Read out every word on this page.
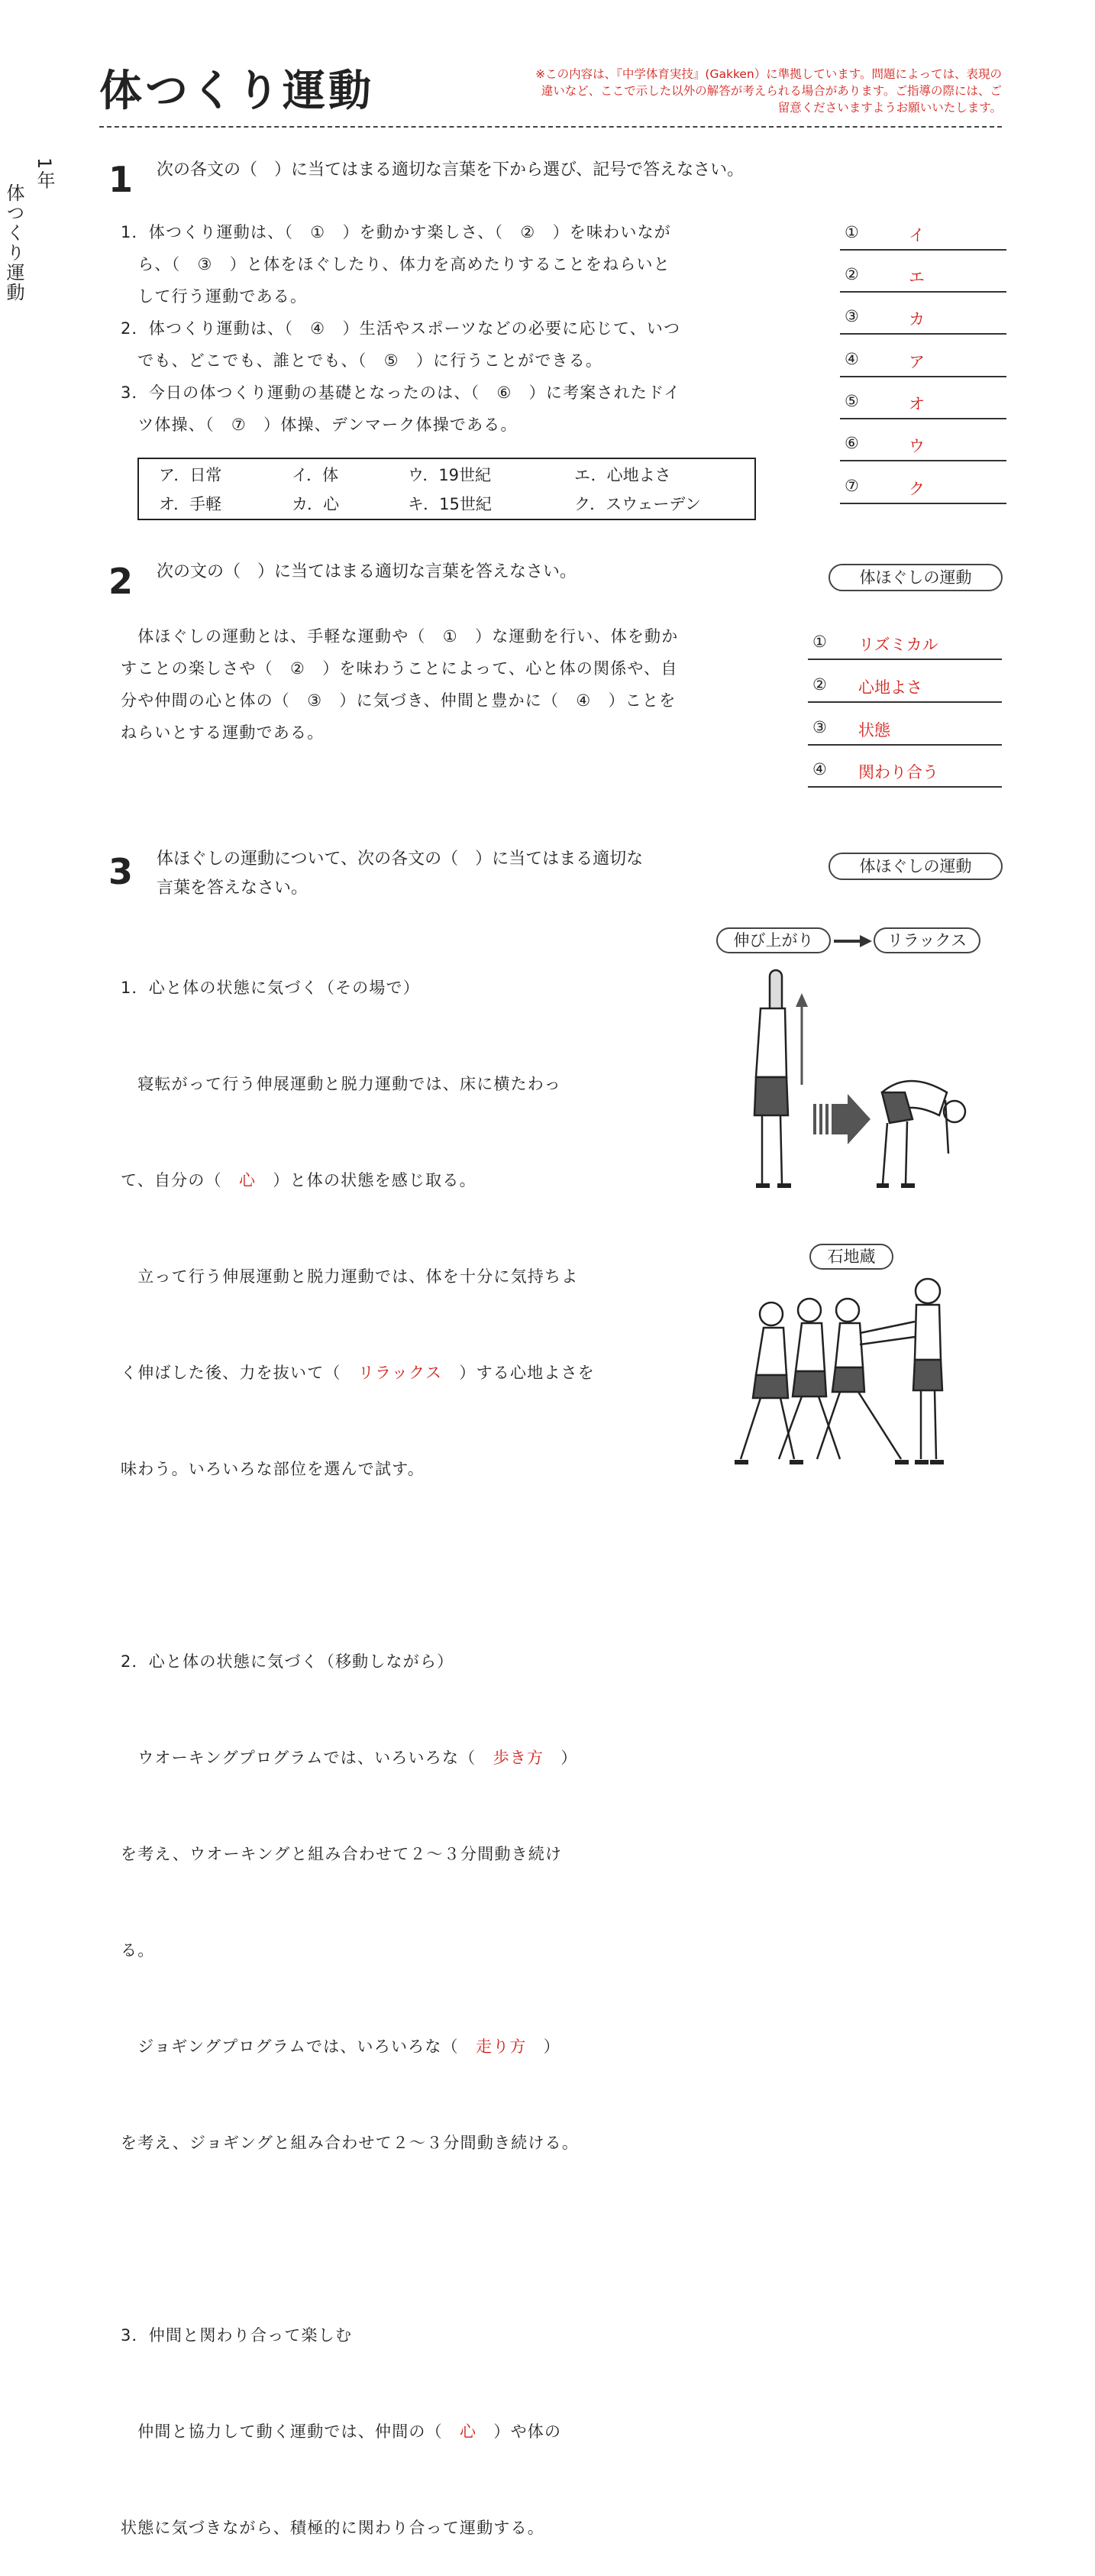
体つくり運動	※この内容は、『中学体育実技』(Gakken）に準拠しています。問題によっては、表現の違いなど、ここで示した以外の解答が考えられる場合があります。ご指導の際には、ご留意くださいますようお願いいたします。
1年
体つくり運動
1 次の各文の（　）に当てはまる適切な言葉を下から選び、記号で答えなさい。
1．体つくり運動は、（　①　）を動かす楽しさ、（　②　）を味わいなが
　ら、（　③　）と体をほぐしたり、体力を高めたりすることをねらいと
　して行う運動である。
2．体つくり運動は、（　④　）生活やスポーツなどの必要に応じて、いつ
　でも、どこでも、誰とでも、（　⑤　）に行うことができる。
3．今日の体つくり運動の基礎となったのは、（　⑥　）に考案されたドイ
　ツ体操、（　⑦　）体操、デンマーク体操である。
ア．日常	イ．体	ウ．19世紀	エ．心地よさ
オ．手軽	カ．心	キ．15世紀	ク．スウェーデン
①	イ
②	エ
③	カ
④	ア
⑤	オ
⑥	ウ
⑦	ク
2 次の文の（　）に当てはまる適切な言葉を答えなさい。	体ほぐしの運動
　体ほぐしの運動とは、手軽な運動や（　①　）な運動を行い、体を動か
すことの楽しさや（　②　）を味わうことによって、心と体の関係や、自
分や仲間の心と体の（　③　）に気づき、仲間と豊かに（　④　）ことを
ねらいとする運動である。
① リズミカル
② 心地よさ
③ 状態
④ 関わり合う
3 体ほぐしの運動について、次の各文の（　）に当てはまる適切な
言葉を答えなさい。
体ほぐしの運動

1．心と体の状態に気づく（その場で）

　寝転がって行う伸展運動と脱力運動では、床に横たわっ

て、自分の（　心　）と体の状態を感じ取る。

　立って行う伸展運動と脱力運動では、体を十分に気持ちよ

く伸ばした後、力を抜いて（　リラックス　）する心地よさを

味わう。いろいろな部位を選んで試す。

2．心と体の状態に気づく（移動しながら）

　ウオーキングプログラムでは、いろいろな（　歩き方　）

を考え、ウオーキングと組み合わせて２～３分間動き続け

る。

　ジョギングプログラムでは、いろいろな（　走り方　）

を考え、ジョギングと組み合わせて２～３分間動き続ける。

3．仲間と関わり合って楽しむ

　仲間と協力して動く運動では、仲間の（　心　）や体の

状態に気づきながら、積極的に関わり合って運動する。

伸び上がり	リラックス
石地蔵
